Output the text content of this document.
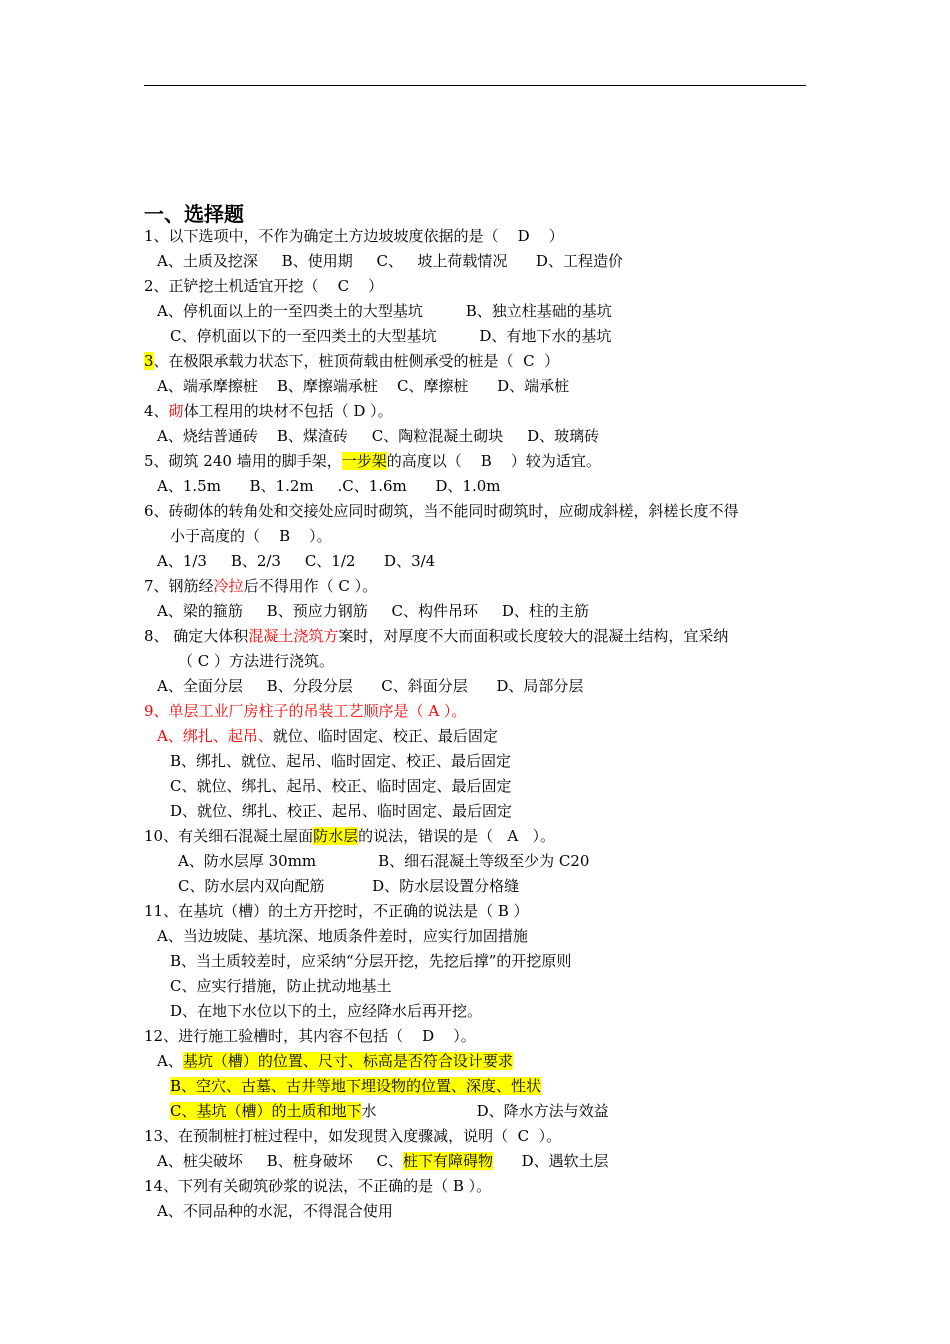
一、选择题
1、以下选项中，不作为确定土方边坡坡度依据的是（    D    ）
A、土质及挖深     B、使用期     C、   坡上荷载情况      D、工程造价
2、正铲挖土机适宜开挖（    C    ）
A、停机面以上的一至四类土的大型基坑         B、独立柱基础的基坑
C、停机面以下的一至四类土的大型基坑         D、有地下水的基坑
3、在极限承载力状态下，桩顶荷载由桩侧承受的桩是（  C  ）
A、端承摩擦桩    B、摩擦端承桩    C、摩擦桩      D、端承桩
4、砌体工程用的块材不包括（ D ）。
A、烧结普通砖    B、煤渣砖     C、陶粒混凝土砌块     D、玻璃砖
5、砌筑 240 墙用的脚手架，一步架的高度以（    B    ）较为适宜。
A、1.5m      B、1.2m     .C、1.6m      D、1.0m
6、砖砌体的转角处和交接处应同时砌筑，当不能同时砌筑时，应砌成斜槎，斜槎长度不得
小于高度的（    B    ）。
A、1/3     B、2/3     C、1/2      D、3/4
7、钢筋经冷拉后不得用作（ C ）。
A、梁的箍筋     B、预应力钢筋     C、构件吊环     D、柱的主筋
8、 确定大体积混凝土浇筑方案时，对厚度不大而面积或长度较大的混凝土结构，宜采纳
（ C ）方法进行浇筑。
A、全面分层     B、分段分层      C、斜面分层      D、局部分层
9、单层工业厂房柱子的吊装工艺顺序是（ A ）。
A、绑扎、起吊、就位、临时固定、校正、最后固定
B、绑扎、就位、起吊、临时固定、校正、最后固定
C、就位、绑扎、起吊、校正、临时固定、最后固定
D、就位、绑扎、校正、起吊、临时固定、最后固定
10、有关细石混凝土屋面防水层的说法，错误的是（   A   ）。
A、防水层厚 30mm             B、细石混凝土等级至少为 C20
C、防水层内双向配筋          D、防水层设置分格缝
11、在基坑（槽）的土方开挖时，不正确的说法是（ B ）
A、当边坡陡、基坑深、地质条件差时，应实行加固措施
B、当土质较差时，应采纳“分层开挖，先挖后撑”的开挖原则
C、应实行措施，防止扰动地基土
D、在地下水位以下的土，应经降水后再开挖。
12、进行施工验槽时，其内容不包括（    D    ）。
A、基坑（槽）的位置、尺寸、标高是否符合设计要求
B、空穴、古墓、古井等地下埋设物的位置、深度、性状
C、基坑（槽）的土质和地下水                     D、降水方法与效益
13、在预制桩打桩过程中，如发现贯入度骤减，说明（  C  ）。
A、桩尖破坏     B、桩身破坏     C、桩下有障碍物      D、遇软土层
14、下列有关砌筑砂浆的说法，不正确的是（ B ）。
A、不同品种的水泥，不得混合使用
